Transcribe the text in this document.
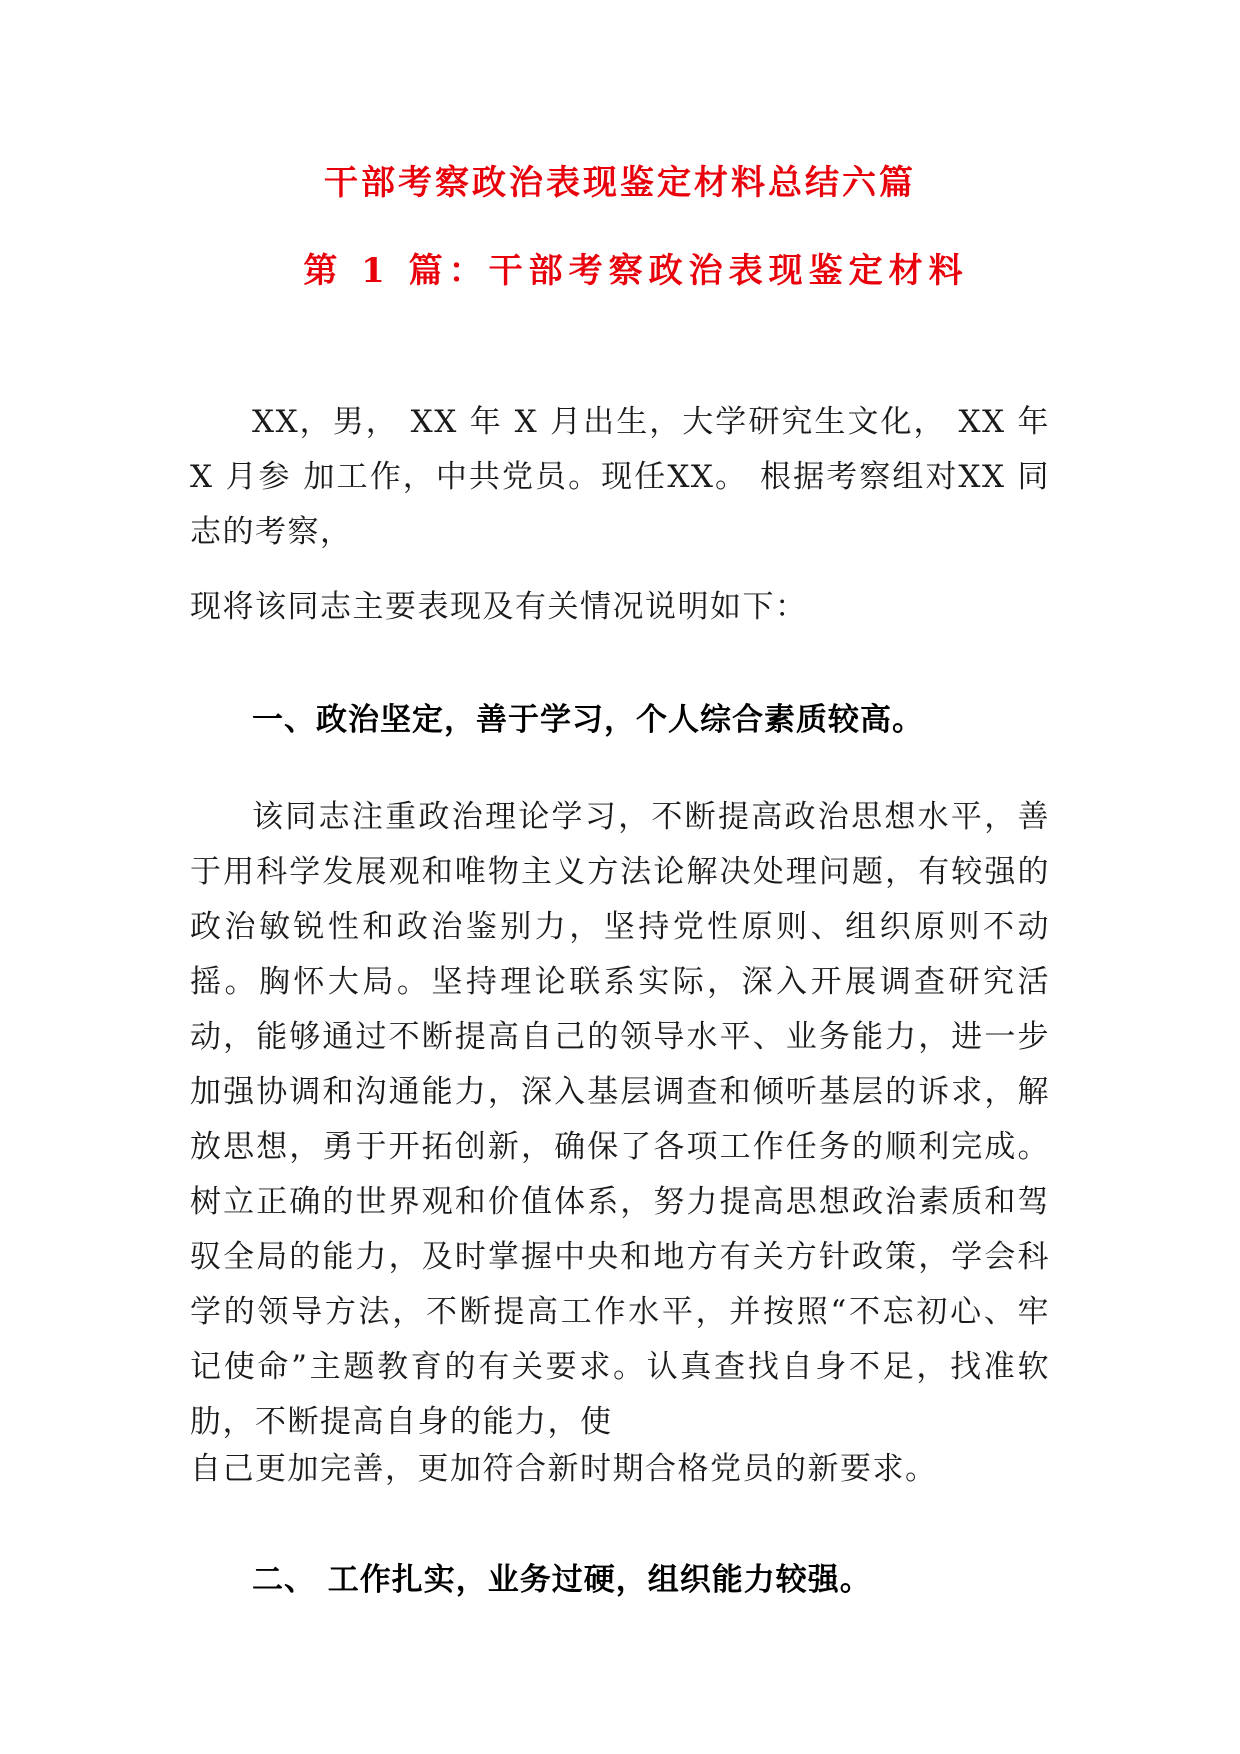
干部考察政治表现鉴定材料总结六篇
第 1 篇：干部考察政治表现鉴定材料

XX，男， XX 年 X 月出生，大学研究生文化， XX 年 X 月参 加工作，中共党员。现任XX。 根据考察组对XX 同志的考察，

现将该同志主要表现及有关情况说明如下：

一、政治坚定，善于学习，个人综合素质较高。

该同志注重政治理论学习，不断提高政治思想水平，善于用科学发展观和唯物主义方法论解决处理问题，有较强的政治敏锐性和政治鉴别力，坚持党性原则、组织原则不动摇。胸怀大局。坚持理论联系实际，深入开展调查研究活动，能够通过不断提高自己的领导水平、业务能力，进一步加强协调和沟通能力，深入基层调查和倾听基层的诉求，解放思想，勇于开拓创新，确保了各项工作任务的顺利完成。树立正确的世界观和价值体系，努力提高思想政治素质和驾驭全局的能力，及时掌握中央和地方有关方针政策，学会科学的领导方法，不断提高工作水平，并按照“不忘初心、牢记使命”主题教育的有关要求。认真查找自身不足，找准软肋，不断提高自身的能力，使

自己更加完善，更加符合新时期合格党员的新要求。

二、 工作扎实，业务过硬，组织能力较强。
